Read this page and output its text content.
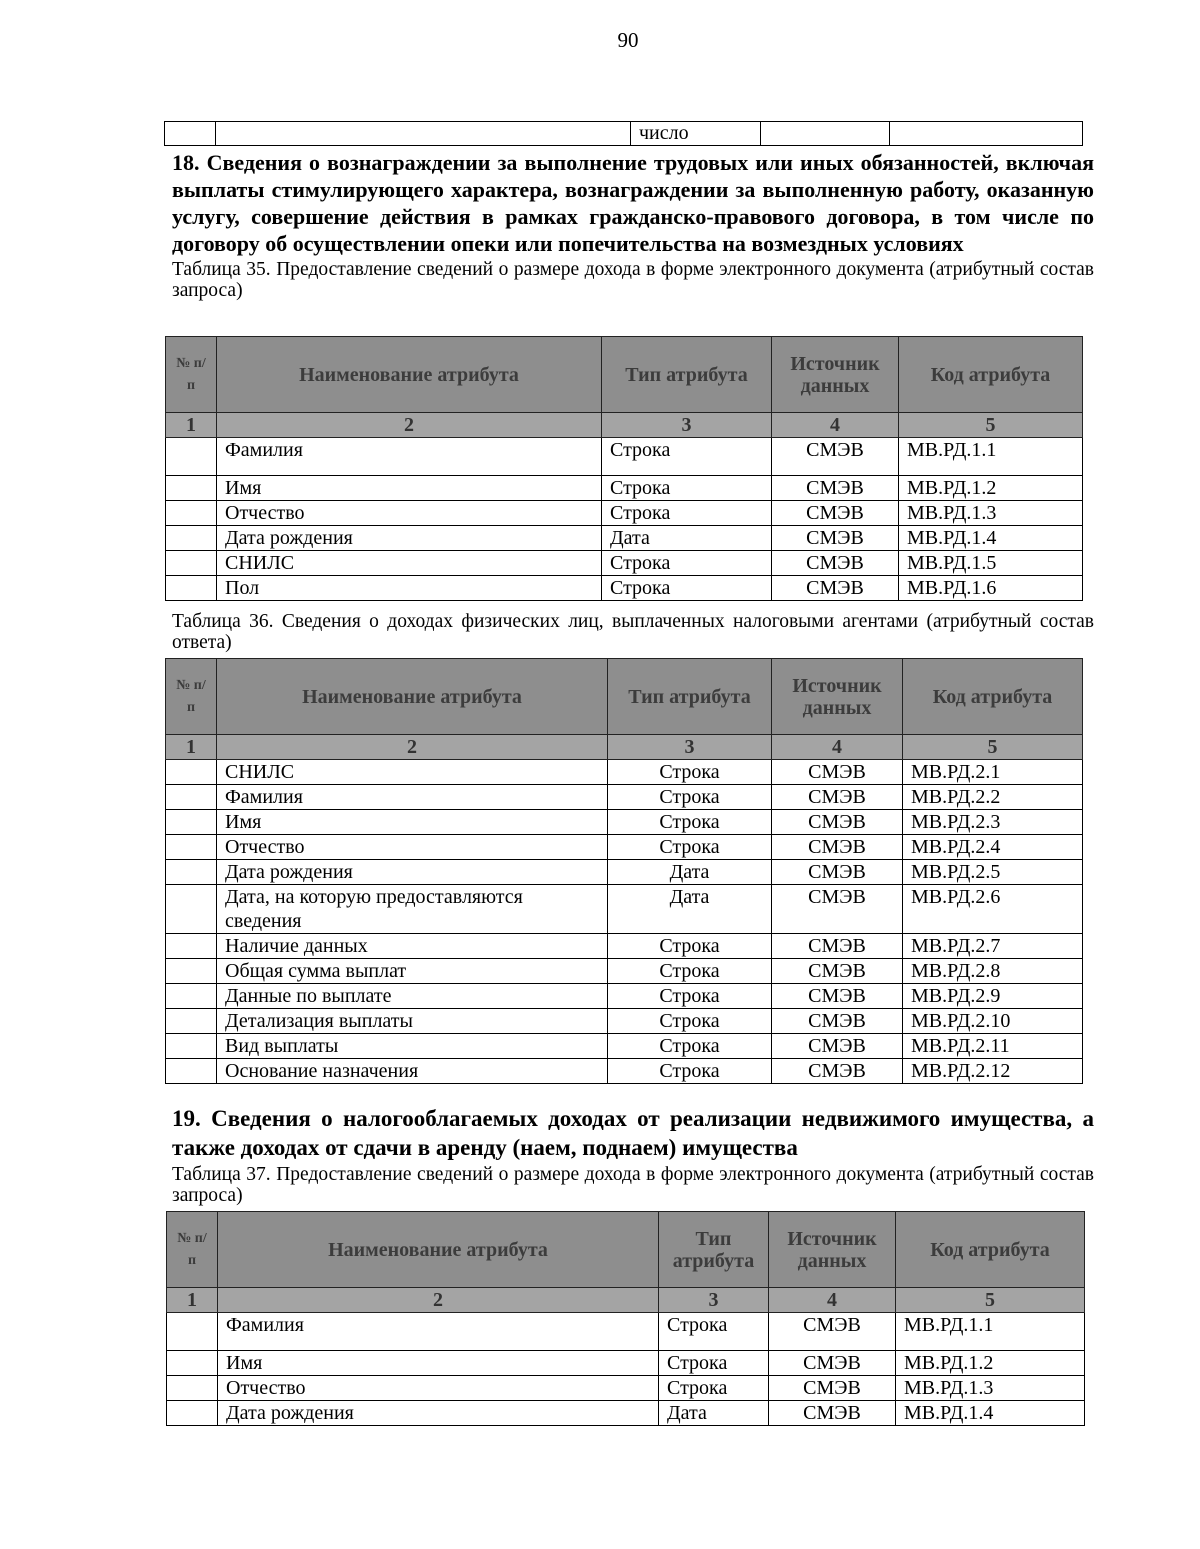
90
		число		

18. Сведения о вознаграждении за выполнение трудовых или иных обязанностей, включая выплаты стимулирующего характера, вознаграждении за выполненную работу, оказанную услугу, совершение действия в рамках гражданско-правового договора, в том числе по договору об осуществлении опеки или попечительства на возмездных условиях

Таблица 35. Предоставление сведений о размере дохода в форме электронного документа (атрибутный состав запроса)

№ п/п	Наименование атрибута	Тип атрибута	Источник данных	Код атрибута
1	2	3	4	5
	Фамилия	Строка	СМЭВ	МВ.РД.1.1
	Имя	Строка	СМЭВ	МВ.РД.1.2
	Отчество	Строка	СМЭВ	МВ.РД.1.3
	Дата рождения	Дата	СМЭВ	МВ.РД.1.4
	СНИЛС	Строка	СМЭВ	МВ.РД.1.5
	Пол	Строка	СМЭВ	МВ.РД.1.6

Таблица 36. Сведения о доходах физических лиц, выплаченных налоговыми агентами (атрибутный состав ответа)

№ п/п	Наименование атрибута	Тип атрибута	Источник данных	Код атрибута
1	2	3	4	5
	СНИЛС	Строка	СМЭВ	МВ.РД.2.1
	Фамилия	Строка	СМЭВ	МВ.РД.2.2
	Имя	Строка	СМЭВ	МВ.РД.2.3
	Отчество	Строка	СМЭВ	МВ.РД.2.4
	Дата рождения	Дата	СМЭВ	МВ.РД.2.5
	Дата, на которую предоставляются сведения	Дата	СМЭВ	МВ.РД.2.6
	Наличие данных	Строка	СМЭВ	МВ.РД.2.7
	Общая сумма выплат	Строка	СМЭВ	МВ.РД.2.8
	Данные по выплате	Строка	СМЭВ	МВ.РД.2.9
	Детализация выплаты	Строка	СМЭВ	МВ.РД.2.10
	Вид выплаты	Строка	СМЭВ	МВ.РД.2.11
	Основание назначения	Строка	СМЭВ	МВ.РД.2.12

19. Сведения о налогооблагаемых доходах от реализации недвижимого имущества, а также доходах от сдачи в аренду (наем, поднаем) имущества

Таблица 37. Предоставление сведений о размере дохода в форме электронного документа (атрибутный состав запроса)

№ п/п	Наименование атрибута	Тип атрибута	Источник данных	Код атрибута
1	2	3	4	5
	Фамилия	Строка	СМЭВ	МВ.РД.1.1
	Имя	Строка	СМЭВ	МВ.РД.1.2
	Отчество	Строка	СМЭВ	МВ.РД.1.3
	Дата рождения	Дата	СМЭВ	МВ.РД.1.4
